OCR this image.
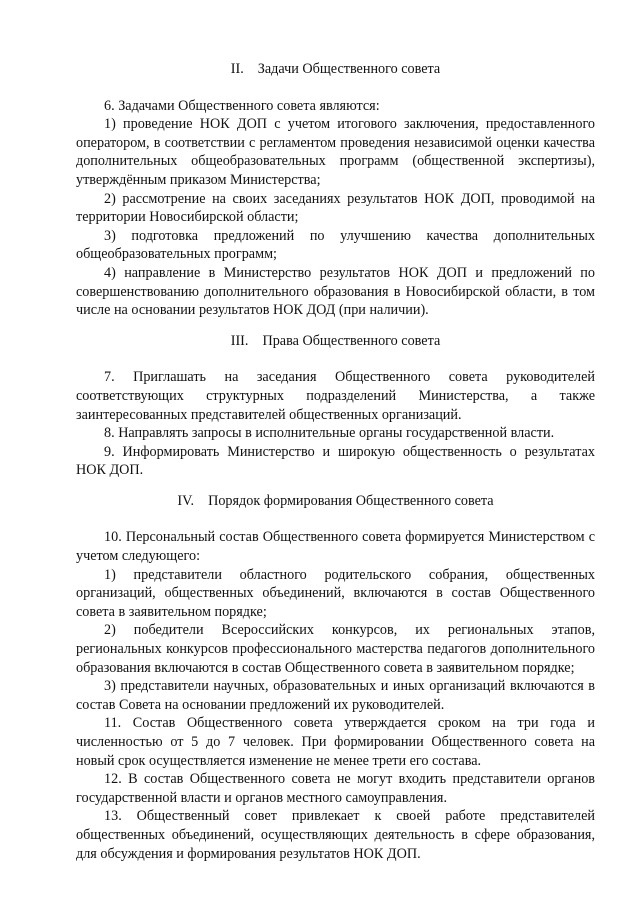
II. Задачи Общественного совета

6. Задачами Общественного совета являются:

1) проведение НОК ДОП с учетом итогового заключения, предоставленного оператором, в соответствии с регламентом проведения независимой оценки качества дополнительных общеобразовательных программ (общественной экспертизы), утверждённым приказом Министерства;

2) рассмотрение на своих заседаниях результатов НОК ДОП, проводимой на территории Новосибирской области;

3) подготовка предложений по улучшению качества дополнительных общеобразовательных программ;

4) направление в Министерство результатов НОК ДОП и предложений по совершенствованию дополнительного образования в Новосибирской области, в том числе на основании результатов НОК ДОД (при наличии).

III. Права Общественного совета

7. Приглашать на заседания Общественного совета руководителей соответствующих структурных подразделений Министерства, а также заинтересованных представителей общественных организаций.

8. Направлять запросы в исполнительные органы государственной власти.

9. Информировать Министерство и широкую общественность о результатах НОК ДОП.

IV. Порядок формирования Общественного совета

10. Персональный состав Общественного совета формируется Министерством с учетом следующего:

1) представители областного родительского собрания, общественных организаций, общественных объединений, включаются в состав Общественного совета в заявительном порядке;

2) победители Всероссийских конкурсов, их региональных этапов, региональных конкурсов профессионального мастерства педагогов дополнительного образования включаются в состав Общественного совета в заявительном порядке;

3) представители научных, образовательных и иных организаций включаются в состав Совета на основании предложений их руководителей.

11. Состав Общественного совета утверждается сроком на три года и численностью от 5 до 7 человек. При формировании Общественного совета на новый срок осуществляется изменение не менее трети его состава.

12. В состав Общественного совета не могут входить представители органов государственной власти и органов местного самоуправления.

13. Общественный совет привлекает к своей работе представителей общественных объединений, осуществляющих деятельность в сфере образования, для обсуждения и формирования результатов НОК ДОП.
